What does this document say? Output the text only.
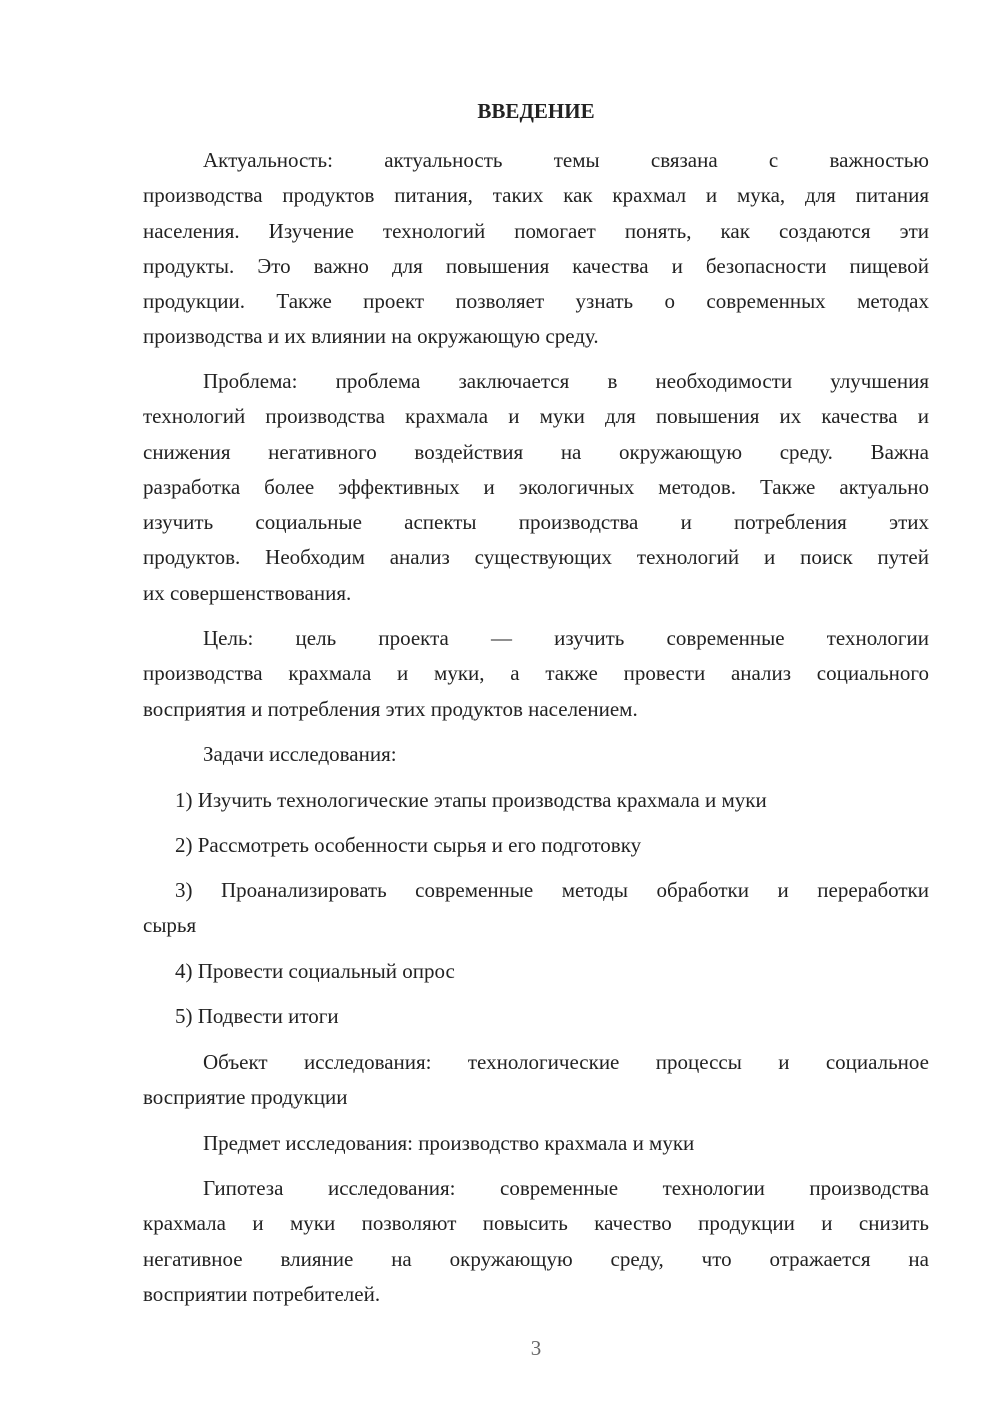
ВВЕДЕНИЕ
Актуальность: актуальность темы связана с важностью
производства продуктов питания, таких как крахмал и мука, для питания
населения. Изучение технологий помогает понять, как создаются эти
продукты. Это важно для повышения качества и безопасности пищевой
продукции. Также проект позволяет узнать о современных методах
производства и их влиянии на окружающую среду.
Проблема: проблема заключается в необходимости улучшения
технологий производства крахмала и муки для повышения их качества и
снижения негативного воздействия на окружающую среду. Важна
разработка более эффективных и экологичных методов. Также актуально
изучить социальные аспекты производства и потребления этих
продуктов. Необходим анализ существующих технологий и поиск путей
их совершенствования.
Цель: цель проекта — изучить современные технологии
производства крахмала и муки, а также провести анализ социального
восприятия и потребления этих продуктов населением.
Задачи исследования:
1) Изучить технологические этапы производства крахмала и муки
2) Рассмотреть особенности сырья и его подготовку
3) Проанализировать современные методы обработки и переработки
сырья
4) Провести социальный опрос
5) Подвести итоги
Объект исследования: технологические процессы и социальное
восприятие продукции
Предмет исследования: производство крахмала и муки
Гипотеза исследования: современные технологии производства
крахмала и муки позволяют повысить качество продукции и снизить
негативное влияние на окружающую среду, что отражается на
восприятии потребителей.
3
